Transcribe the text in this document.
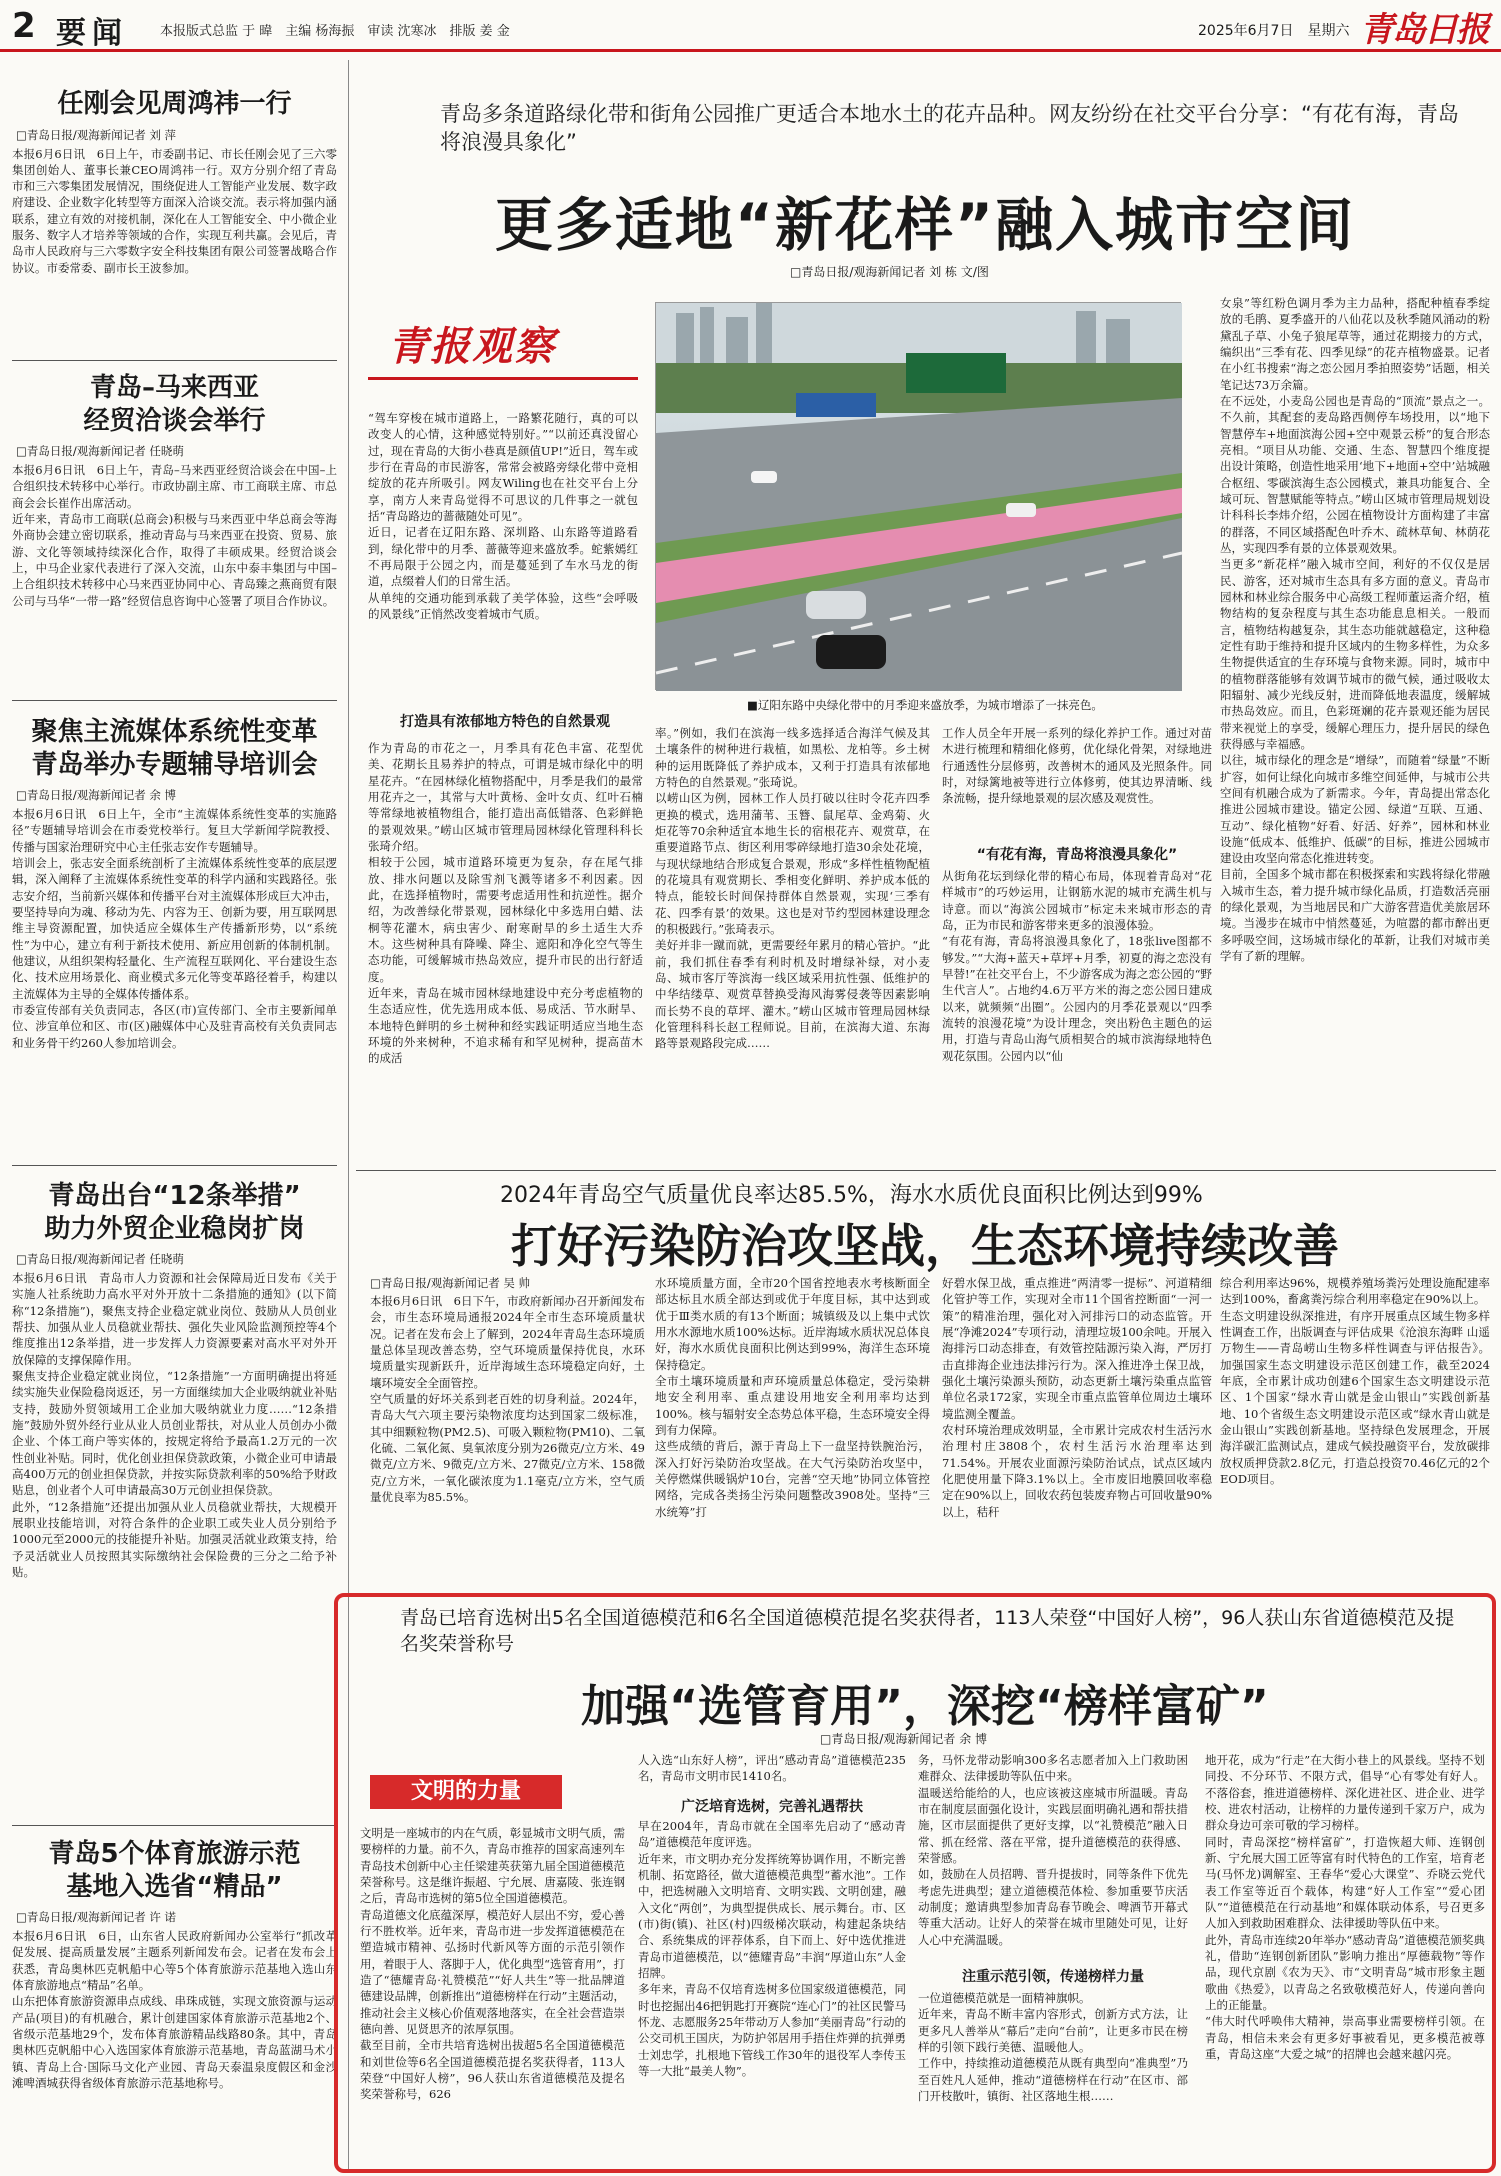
2 要闻 本报版式总监 于 暐　主编 杨海振　审读 沈寒冰　排版 姜 金	2025年6月7日　星期六 青岛日报
任刚会见周鸿祎一行
□青岛日报/观海新闻记者 刘 萍
本报6月6日讯　6日上午，市委副书记、市长任刚会见了三六零集团创始人、董事长兼CEO周鸿祎一行。双方分别介绍了青岛市和三六零集团发展情况，围绕促进人工智能产业发展、数字政府建设、企业数字化转型等方面深入洽谈交流。表示将加强内涵联系，建立有效的对接机制，深化在人工智能安全、中小微企业服务、数字人才培养等领域的合作，实现互利共赢。会见后，青岛市人民政府与三六零数字安全科技集团有限公司签署战略合作协议。市委常委、副市长王波参加。
青岛–马来西亚
经贸洽谈会举行
□青岛日报/观海新闻记者 任晓萌
本报6月6日讯　6日上午，青岛–马来西亚经贸洽谈会在中国–上合组织技术转移中心举行。市政协副主席、市工商联主席、市总商会会长崔作出席活动。
近年来，青岛市工商联(总商会)积极与马来西亚中华总商会等海外商协会建立密切联系，推动青岛与马来西亚在投资、贸易、旅游、文化等领域持续深化合作，取得了丰硕成果。经贸洽谈会上，中马企业家代表进行了深入交流，山东中泰丰集团与中国–上合组织技术转移中心马来西亚协同中心、青岛臻之燕商贸有限公司与马华“一带一路”经贸信息咨询中心签署了项目合作协议。
聚焦主流媒体系统性变革
青岛举办专题辅导培训会
□青岛日报/观海新闻记者 余 博
本报6月6日讯　6日上午，全市“主流媒体系统性变革的实施路径”专题辅导培训会在市委党校举行。复旦大学新闻学院教授、传播与国家治理研究中心主任张志安作专题辅导。
培训会上，张志安全面系统剖析了主流媒体系统性变革的底层逻辑，深入阐释了主流媒体系统性变革的科学内涵和实践路径。张志安介绍，当前新兴媒体和传播平台对主流媒体形成巨大冲击，要坚持导向为魂、移动为先、内容为王、创新为要，用互联网思维主导资源配置，加快适应全媒体生产传播新形势，以“系统性”为中心，建立有利于新技术使用、新应用创新的体制机制。他建议，从组织架构轻量化、生产流程互联网化、平台建设生态化、技术应用场景化、商业模式多元化等变革路径着手，构建以主流媒体为主导的全媒体传播体系。
市委宣传部有关负责同志，各区(市)宣传部门、全市主要新闻单位、涉宣单位和区、市(区)融媒体中心及驻青高校有关负责同志和业务骨干约260人参加培训会。
青岛出台“12条举措”
助力外贸企业稳岗扩岗
□青岛日报/观海新闻记者 任晓萌
本报6月6日讯　青岛市人力资源和社会保障局近日发布《关于实施人社系统助力高水平对外开放十二条措施的通知》(以下简称“12条措施”)，聚焦支持企业稳定就业岗位、鼓励从人员创业帮扶、加强从业人员稳就业帮扶、强化失业风险监测预控等4个维度推出12条举措，进一步发挥人力资源要素对高水平对外开放保障的支撑保障作用。
聚焦支持企业稳定就业岗位，“12条措施”一方面明确提出将延续实施失业保险稳岗返还，另一方面继续加大企业吸纳就业补贴支持，鼓励外贸领域用工企业加大吸纳就业力度……“12条措施”鼓励外贸外经行业从业人员创业帮扶，对从业人员创办小微企业、个体工商户等实体的，按规定将给予最高1.2万元的一次性创业补贴。同时，优化创业担保贷款政策，小微企业可申请最高400万元的创业担保贷款，并按实际贷款利率的50%给予财政贴息，创业者个人可申请最高30万元创业担保贷款。
此外，“12条措施”还提出加强从业人员稳就业帮扶，大规模开展职业技能培训，对符合条件的企业职工或失业人员分别给予1000元至2000元的技能提升补贴。加强灵活就业政策支持，给予灵活就业人员按照其实际缴纳社会保险费的三分之二给予补贴。
青岛5个体育旅游示范
基地入选省“精品”
□青岛日报/观海新闻记者 许 诺
本报6月6日讯　6日，山东省人民政府新闻办公室举行“抓改革促发展、提高质量发展”主题系列新闻发布会。记者在发布会上获悉，青岛奥林匹克帆船中心等5个体育旅游示范基地入选山东体育旅游地点“精品”名单。
山东把体育旅游资源串点成线、串珠成链，实现文旅资源与运动产品(项目)的有机融合，累计创建国家体育旅游示范基地2个、省级示范基地29个，发布体育旅游精品线路80条。其中，青岛奥林匹克帆船中心入选国家体育旅游示范基地，青岛蓝湖马术小镇、青岛上合·国际马文化产业园、青岛天泰温泉度假区和金沙滩啤酒城获得省级体育旅游示范基地称号。
青岛多条道路绿化带和街角公园推广更适合本地水土的花卉品种。网友纷纷在社交平台分享：“有花有海，青岛将浪漫具象化”
更多适地“新花样”融入城市空间
□青岛日报/观海新闻记者 刘 栋 文/图
青报观察
■辽阳东路中央绿化带中的月季迎来盛放季，为城市增添了一抹亮色。
“驾车穿梭在城市道路上，一路繁花随行，真的可以改变人的心情，这种感觉特别好。”“以前还真没留心过，现在青岛的大街小巷真是颜值UP!”近日，驾车或步行在青岛的市民游客，常常会被路旁绿化带中竞相绽放的花卉所吸引。网友Wiling也在社交平台上分享，南方人来青岛觉得不可思议的几件事之一就包括“青岛路边的蔷薇随处可见”。
近日，记者在辽阳东路、深圳路、山东路等道路看到，绿化带中的月季、蔷薇等迎来盛放季。蛇紫嫣红不再局限于公园之内，而是蔓延到了车水马龙的街道，点缀着人们的日常生活。
从单纯的交通功能到承载了美学体验，这些“会呼吸的风景线”正悄然改变着城市气质。
打造具有浓郁地方特色的自然景观
作为青岛的市花之一，月季具有花色丰富、花型优美、花期长且易养护的特点，可谓是城市绿化中的明星花卉。“在园林绿化植物搭配中，月季是我们的最常用花卉之一，其常与大叶黄杨、金叶女贞、红叶石楠等常绿地被植物组合，能打造出高低错落、色彩鲜艳的景观效果。”崂山区城市管理局园林绿化管理科科长张琦介绍。
相较于公园，城市道路环境更为复杂，存在尾气排放、排水问题以及除雪剂飞溅等诸多不利因素。因此，在选择植物时，需要考虑适用性和抗逆性。据介绍，为改善绿化带景观，园林绿化中多选用白蜡、法桐等花灌木，病虫害少、耐寒耐旱的乡土适生大乔木。这些树种具有降噪、降尘、遮阳和净化空气等生态功能，可缓解城市热岛效应，提升市民的出行舒适度。
近年来，青岛在城市园林绿地建设中充分考虑植物的生态适应性，优先选用成本低、易成活、节水耐旱、本地特色鲜明的乡土树种和经实践证明适应当地生态环境的外来树种，不追求稀有和罕见树种，提高苗木的成活
率。”例如，我们在滨海一线多选择适合海洋气候及其土壤条件的树种进行栽植，如黑松、龙柏等。乡土树种的运用既降低了养护成本，又利于打造具有浓郁地方特色的自然景观。”张琦说。
以崂山区为例，园林工作人员打破以往时令花卉四季更换的模式，选用蒲苇、玉簪、鼠尾草、金鸡菊、火炬花等70余种适宜本地生长的宿根花卉、观赏草，在重要道路节点、街区利用零碎绿地打造30余处花境，与现状绿地结合形成复合景观，形成“多样性植物配植的花境具有观赏期长、季相变化鲜明、养护成本低的特点，能较长时间保持群体自然景观，实现‘三季有花、四季有景’的效果。这也是对节约型园林建设理念的积极践行。”张琦表示。
美好并非一蹴而就，更需要经年累月的精心管护。“此前，我们抓住春季有利时机及时增绿补绿，对小麦岛、城市客厅等滨海一线区域采用抗性强、低维护的中华结缕草、观赏草替换受海风海雾侵袭等因素影响而长势不良的草坪、灌木。”崂山区城市管理局园林绿化管理科科长赵工程师说。目前，在滨海大道、东海路等景观路段完成……
工作人员全年开展一系列的绿化养护工作。通过对苗木进行梳理和精细化修剪，优化绿化骨架，对绿地进行通透性分层修剪，改善树木的通风及光照条件。同时，对绿篱地被等进行立体修剪，使其边界清晰、线条流畅，提升绿地景观的层次感及观赏性。
“有花有海，青岛将浪漫具象化”
从街角花坛到绿化带的精心布局，体现着青岛对“花样城市”的巧妙运用，让钢筋水泥的城市充满生机与诗意。而以“海滨公园城市”标定未来城市形态的青岛，正为市民和游客带来更多的浪漫体验。
“有花有海，青岛将浪漫具象化了，18张live图都不够发。”“大海+蓝天+草坪+月季，初夏的海之恋没有早替!”在社交平台上，不少游客成为海之恋公园的“野生代言人”。占地约4.6万平方米的海之恋公园日建成以来，就频频“出圈”。公园内的月季花景观以“四季流转的浪漫花境”为设计理念，突出粉色主题色的运用，打造与青岛山海气质相契合的城市滨海绿地特色观花氛围。公园内以“仙
女泉”等红粉色调月季为主力品种，搭配种植春季绽放的毛鹃、夏季盛开的八仙花以及秋季随风涌动的粉黛乱子草、小兔子狼尾草等，通过花期接力的方式，编织出“三季有花、四季见绿”的花卉植物盛景。记者在小红书搜索“海之恋公园月季拍照姿势”话题，相关笔记达73万余篇。
在不远处，小麦岛公园也是青岛的“顶流”景点之一。不久前，其配套的麦岛路西侧停车场投用，以“地下智慧停车+地面滨海公园+空中观景云桥”的复合形态亮相。“项目从功能、交通、生态、智慧四个维度提出设计策略，创造性地采用‘地下+地面+空中’站城融合枢纽、零碳滨海生态公园模式，兼具功能复合、全域可玩、智慧赋能等特点。”崂山区城市管理局规划设计科科长李炜介绍，公园在植物设计方面构建了丰富的群落，不同区域搭配色叶乔木、疏林草甸、林荫花丛，实现四季有景的立体景观效果。
当更多“新花样”融入城市空间，利好的不仅仅是居民、游客，还对城市生态具有多方面的意义。青岛市园林和林业综合服务中心高级工程师董运斋介绍，植物结构的复杂程度与其生态功能息息相关。一般而言，植物结构越复杂，其生态功能就越稳定，这种稳定性有助于维持和提升区域内的生物多样性，为众多生物提供适宜的生存环境与食物来源。同时，城市中的植物群落能够有效调节城市的微气候，通过吸收太阳辐射、减少光线反射，进而降低地表温度，缓解城市热岛效应。而且，色彩斑斓的花卉景观还能为居民带来视觉上的享受，缓解心理压力，提升居民的绿色获得感与幸福感。
以往，城市绿化的理念是“增绿”，而随着“绿量”不断扩容，如何让绿化向城市多维空间延伸，与城市公共空间有机融合成为了新需求。今年，青岛提出常态化推进公园城市建设。锚定公园、绿道“互联、互通、互动”、绿化植物“好看、好活、好养”，园林和林业设施“低成本、低维护、低碳”的目标，推进公园城市建设由攻坚向常态化推进转变。
目前，全国多个城市都在积极探索和实践将绿化带融入城市生态，着力提升城市绿化品质，打造数活亮丽的绿化景观，为当地居民和广大游客营造优美旅居环境。当漫步在城市中悄然蔓延，为喧嚣的都市醉出更多呼吸空间，这场城市绿化的革新，让我们对城市美学有了新的理解。
2024年青岛空气质量优良率达85.5%，海水水质优良面积比例达到99%
打好污染防治攻坚战，生态环境持续改善
□青岛日报/观海新闻记者 吴 帅
本报6月6日讯　6日下午，市政府新闻办召开新闻发布会，市生态环境局通报2024年全市生态环境质量状况。记者在发布会上了解到，2024年青岛生态环境质量总体呈现改善态势，空气环境质量保持优良，水环境质量实现新跃升，近岸海域生态环境稳定向好，土壤环境安全全面管控。
空气质量的好坏关系到老百姓的切身利益。2024年，青岛大气六项主要污染物浓度均达到国家二级标准，其中细颗粒物(PM2.5)、可吸入颗粒物(PM10)、二氧化硫、二氧化氮、臭氧浓度分别为26微克/立方米、49微克/立方米、9微克/立方米、27微克/立方米、158微克/立方米，一氧化碳浓度为1.1毫克/立方米，空气质量优良率为85.5%。
水环境质量方面，全市20个国省控地表水考核断面全部达标且水质全部达到或优于年度目标，其中达到或优于Ⅲ类水质的有13个断面；城镇级及以上集中式饮用水水源地水质100%达标。近岸海域水质状况总体良好，海水水质优良面积比例达到99%，海洋生态环境保持稳定。
全市土壤环境质量和声环境质量总体稳定，受污染耕地安全利用率、重点建设用地安全利用率均达到100%。核与辐射安全态势总体平稳，生态环境安全得到有力保障。
这些成绩的背后，源于青岛上下一盘坚持铁腕治污，深入打好污染防治攻坚战。在大气污染防治攻坚中，关停燃煤供暖锅炉10台，完善“空天地”协同立体管控网络，完成各类扬尘污染问题整改3908处。坚持“三水统筹”打
好碧水保卫战，重点推进“两清零一提标”、河道精细化管护等工作，实现对全市11个国省控断面“一河一策”的精准治理，强化对入河排污口的动态监管。开展“净滩2024”专项行动，清理垃圾100余吨。开展入海排污口动态排查，有效管控陆源污染入海，严厉打击直排海企业违法排污行为。深入推进净土保卫战，强化土壤污染源头预防，动态更新土壤污染重点监管单位名录172家，实现全市重点监管单位周边土壤环境监测全覆盖。
农村环境治理成效明显，全市累计完成农村生活污水治理村庄3808个，农村生活污水治理率达到71.54%。开展农业面源污染防治试点，试点区域内化肥使用量下降3.1%以上。全市废旧地膜回收率稳定在90%以上，回收农药包装废弃物占可回收量90%以上，秸秆
综合利用率达96%，规模养殖场粪污处理设施配建率达到100%，畜禽粪污综合利用率稳定在90%以上。
生态文明建设纵深推进，有序开展重点区域生物多样性调查工作，出版调查与评估成果《沧浪东海畔 山遥万物生——青岛崂山生物多样性调查与评估报告》。加强国家生态文明建设示范区创建工作，截至2024年底，全市累计成功创建6个国家生态文明建设示范区、1个国家“绿水青山就是金山银山”实践创新基地、10个省级生态文明建设示范区或“绿水青山就是金山银山”实践创新基地。坚持绿色发展理念，开展海洋碳汇监测试点，建成气候投融资平台，发放碳排放权质押贷款2.8亿元，打造总投资70.46亿元的2个EOD项目。
青岛已培育选树出5名全国道德模范和6名全国道德模范提名奖获得者，113人荣登“中国好人榜”，96人获山东省道德模范及提名奖荣誉称号
加强“选管育用”，深挖“榜样富矿”
□青岛日报/观海新闻记者 余 博
文明的力量
文明是一座城市的内在气质，彰显城市文明气质，需要榜样的力量。前不久，青岛市推荐的国家高速列车青岛技术创新中心主任梁建英获第九届全国道德模范荣誉称号。这是继许振超、宁允展、唐嘉陵、张连钢之后，青岛市选树的第5位全国道德模范。
青岛道德文化底蕴深厚，模范好人层出不穷，爱心善行不胜枚举。近年来，青岛市进一步发挥道德模范在塑造城市精神、弘扬时代新风等方面的示范引领作用，着眼于人、落脚于人，优化典型“选管育用”，打造了“德耀青岛·礼赞模范”“好人共生”等一批品牌道德建设品牌，创新推出“道德榜样在行动”主题活动，推动社会主义核心价值观落地落实，在全社会营造崇德向善、见贤思齐的浓厚氛围。
截至目前，全市共培育选树出拔超5名全国道德模范和刘世俭等6名全国道德模范提名奖获得者，113人荣登“中国好人榜”，96人获山东省道德模范及提名奖荣誉称号，626
人入选“山东好人榜”，评出“感动青岛”道德模范235名，青岛市文明市民1410名。
广泛培育选树，完善礼遇帮扶
早在2004年，青岛市就在全国率先启动了“感动青岛”道德模范年度评选。
近年来，市文明办充分发挥统筹协调作用，不断完善机制、拓宽路径，做大道德模范典型“蓄水池”。工作中，把选树融入文明培育、文明实践、文明创建，融入文化“两创”，为典型提供成长、展示舞台。市、区(市)街(镇)、社区(村)四级梯次联动，构建起条块结合、系统集成的评荐体系，自下而上、好中选优推进青岛市道德模范，以“德耀青岛”丰润“厚道山东”人金招牌。
多年来，青岛不仅培育选树多位国家级道德模范，同时也挖掘出46把钥匙打开赛院“连心门”的社区民警马怀龙、志愿服务25年带动万人参加“美丽青岛”行动的公交司机王国庆，为防护邻居用手捂住炸弹的抗弹勇士刘忠学，扎根地下管线工作30年的退役军人李传玉等一大批“最美人物”。
务，马怀龙带动影响300多名志愿者加入上门救助困难群众、法律援助等队伍中来。
温暖送给能给的人，也应该被这座城市所温暖。青岛市在制度层面强化设计，实践层面明确礼遇和帮扶措施，区市层面提供了更好支撑，以“礼赞模范”融入日常、抓在经常、落在平常，提升道德模范的获得感、荣誉感。
如，鼓励在人员招聘、晋升提拔时，同等条件下优先考虑先进典型；建立道德模范体检、参加重要节庆活动制度；邀请典型参加青岛春节晚会、啤酒节开幕式等重大活动。让好人的荣誉在城市里随处可见，让好人心中充满温暖。
注重示范引领，传递榜样力量
一位道德模范就是一面精神旗帜。
近年来，青岛不断丰富内容形式，创新方式方法，让更多凡人善举从“幕后”走向“台前”，让更多市民在榜样的引领下践行美德、温暖他人。
工作中，持续推动道德模范从既有典型向“准典型”乃至百姓凡人延伸，推动“道德榜样在行动”在区市、部门开枝散叶，镇街、社区落地生根……
地开花，成为“行走”在大街小巷上的风景线。坚持不划同投、不分环节、不限方式，倡导“心有零处有好人。不落俗套，推进道德榜样、深化进社区、进企业、进学校、进农村活动，让榜样的力量传递到千家万户，成为群众身边可亲可敬的学习榜样。
同时，青岛深挖“榜样富矿”，打造恢超大师、连钢创新、宁允展大国工匠等富有时代特色的工作室，培育老马(马怀龙)调解室、王春华“爱心大课堂”、乔晓云党代表工作室等近百个载体，构建“好人工作室”“爱心团队”“道德模范在行动基地”和媒体联动体系，号召更多人加入到救助困难群众、法律援助等队伍中来。
此外，青岛市连续20年举办“感动青岛”道德模范颁奖典礼，借助“连钢创新团队”影响力推出“厚德载物”等作品，现代京剧《农为天》、市“文明青岛”城市形象主题歌曲《热爱》，以青岛之名致敬模范好人，传递向善向上的正能量。
“伟大时代呼唤伟大精神，崇高事业需要榜样引领。在青岛，相信未来会有更多好事被看见，更多模范被尊重，青岛这座“大爱之城”的招牌也会越来越闪亮。
